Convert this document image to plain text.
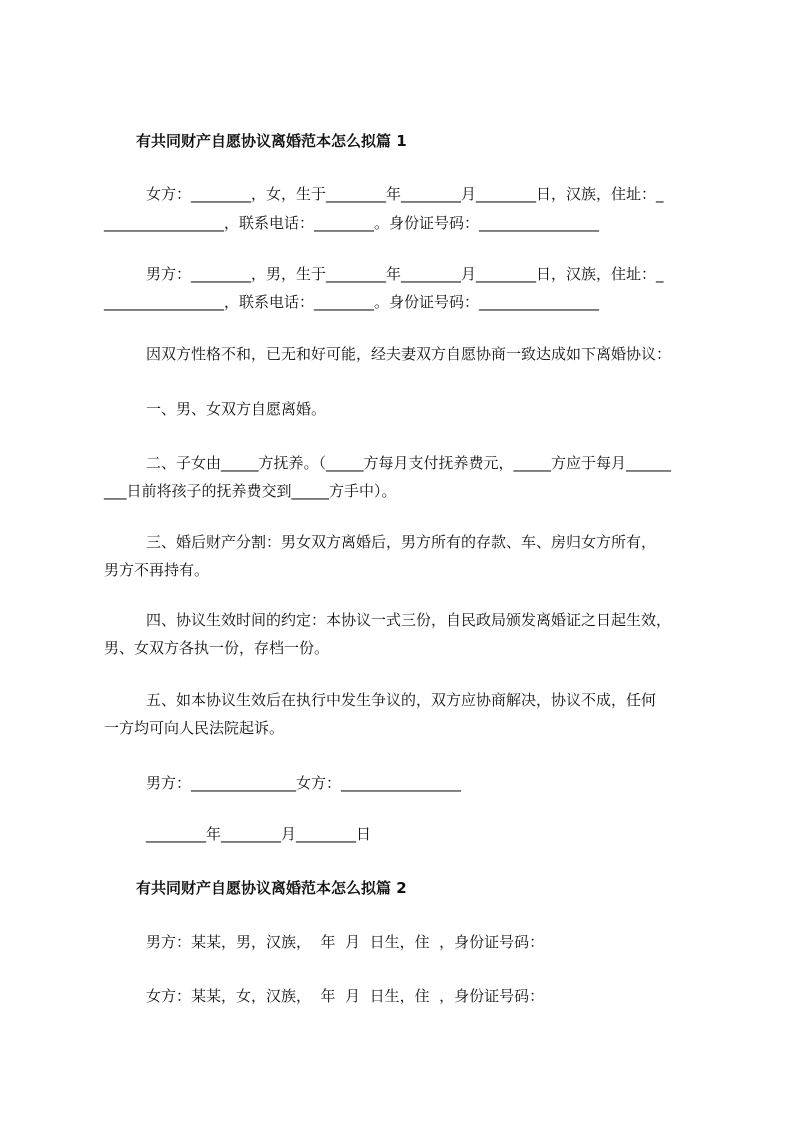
有共同财产自愿协议离婚范本怎么拟篇 1
女方：________，女，生于________年________月________日，汉族，住址：_
________________，联系电话：________。身份证号码：________________
男方：________，男，生于________年________月________日，汉族，住址：_
________________，联系电话：________。身份证号码：________________
因双方性格不和，已无和好可能，经夫妻双方自愿协商一致达成如下离婚协议：
一、男、女双方自愿离婚。
二、子女由_____方抚养。（_____方每月支付抚养费元，_____方应于每月______
___日前将孩子的抚养费交到_____方手中）。
三、婚后财产分割：男女双方离婚后，男方所有的存款、车、房归女方所有，
男方不再持有。
四、协议生效时间的约定：本协议一式三份，自民政局颁发离婚证之日起生效，
男、女双方各执一份，存档一份。
五、如本协议生效后在执行中发生争议的，双方应协商解决，协议不成，任何
一方均可向人民法院起诉。
男方：______________女方：________________
________年________月________日
有共同财产自愿协议离婚范本怎么拟篇 2
男方：某某，男，汉族，  年  月  日生，住  ，身份证号码：
女方：某某，女，汉族，  年  月  日生，住  ，身份证号码：
